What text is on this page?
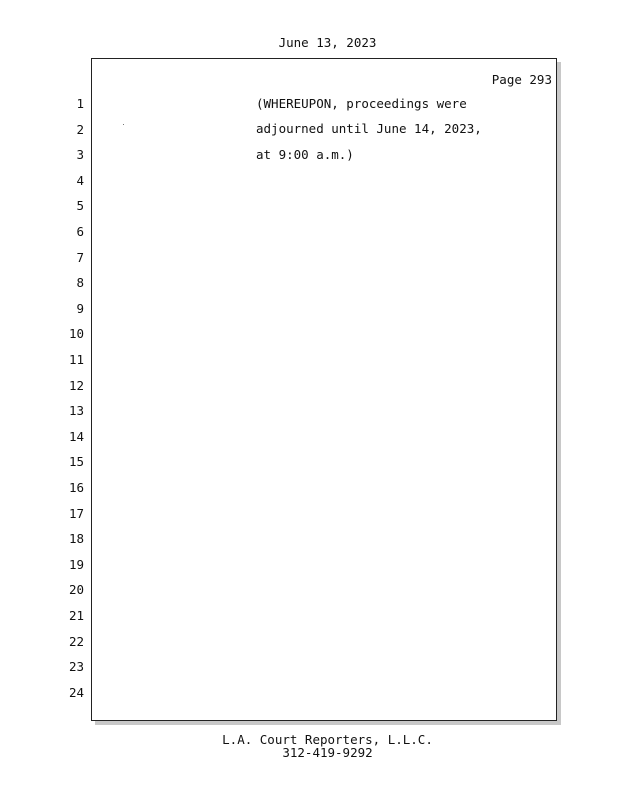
June 13, 2023
Page 293
1
2
3
4
5
6
7
8
9
10
11
12
13
14
15
16
17
18
19
20
21
22
23
24
(WHEREUPON, proceedings were
adjourned until June 14, 2023,
at 9:00 a.m.)
L.A. Court Reporters, L.L.C.
312-419-9292
